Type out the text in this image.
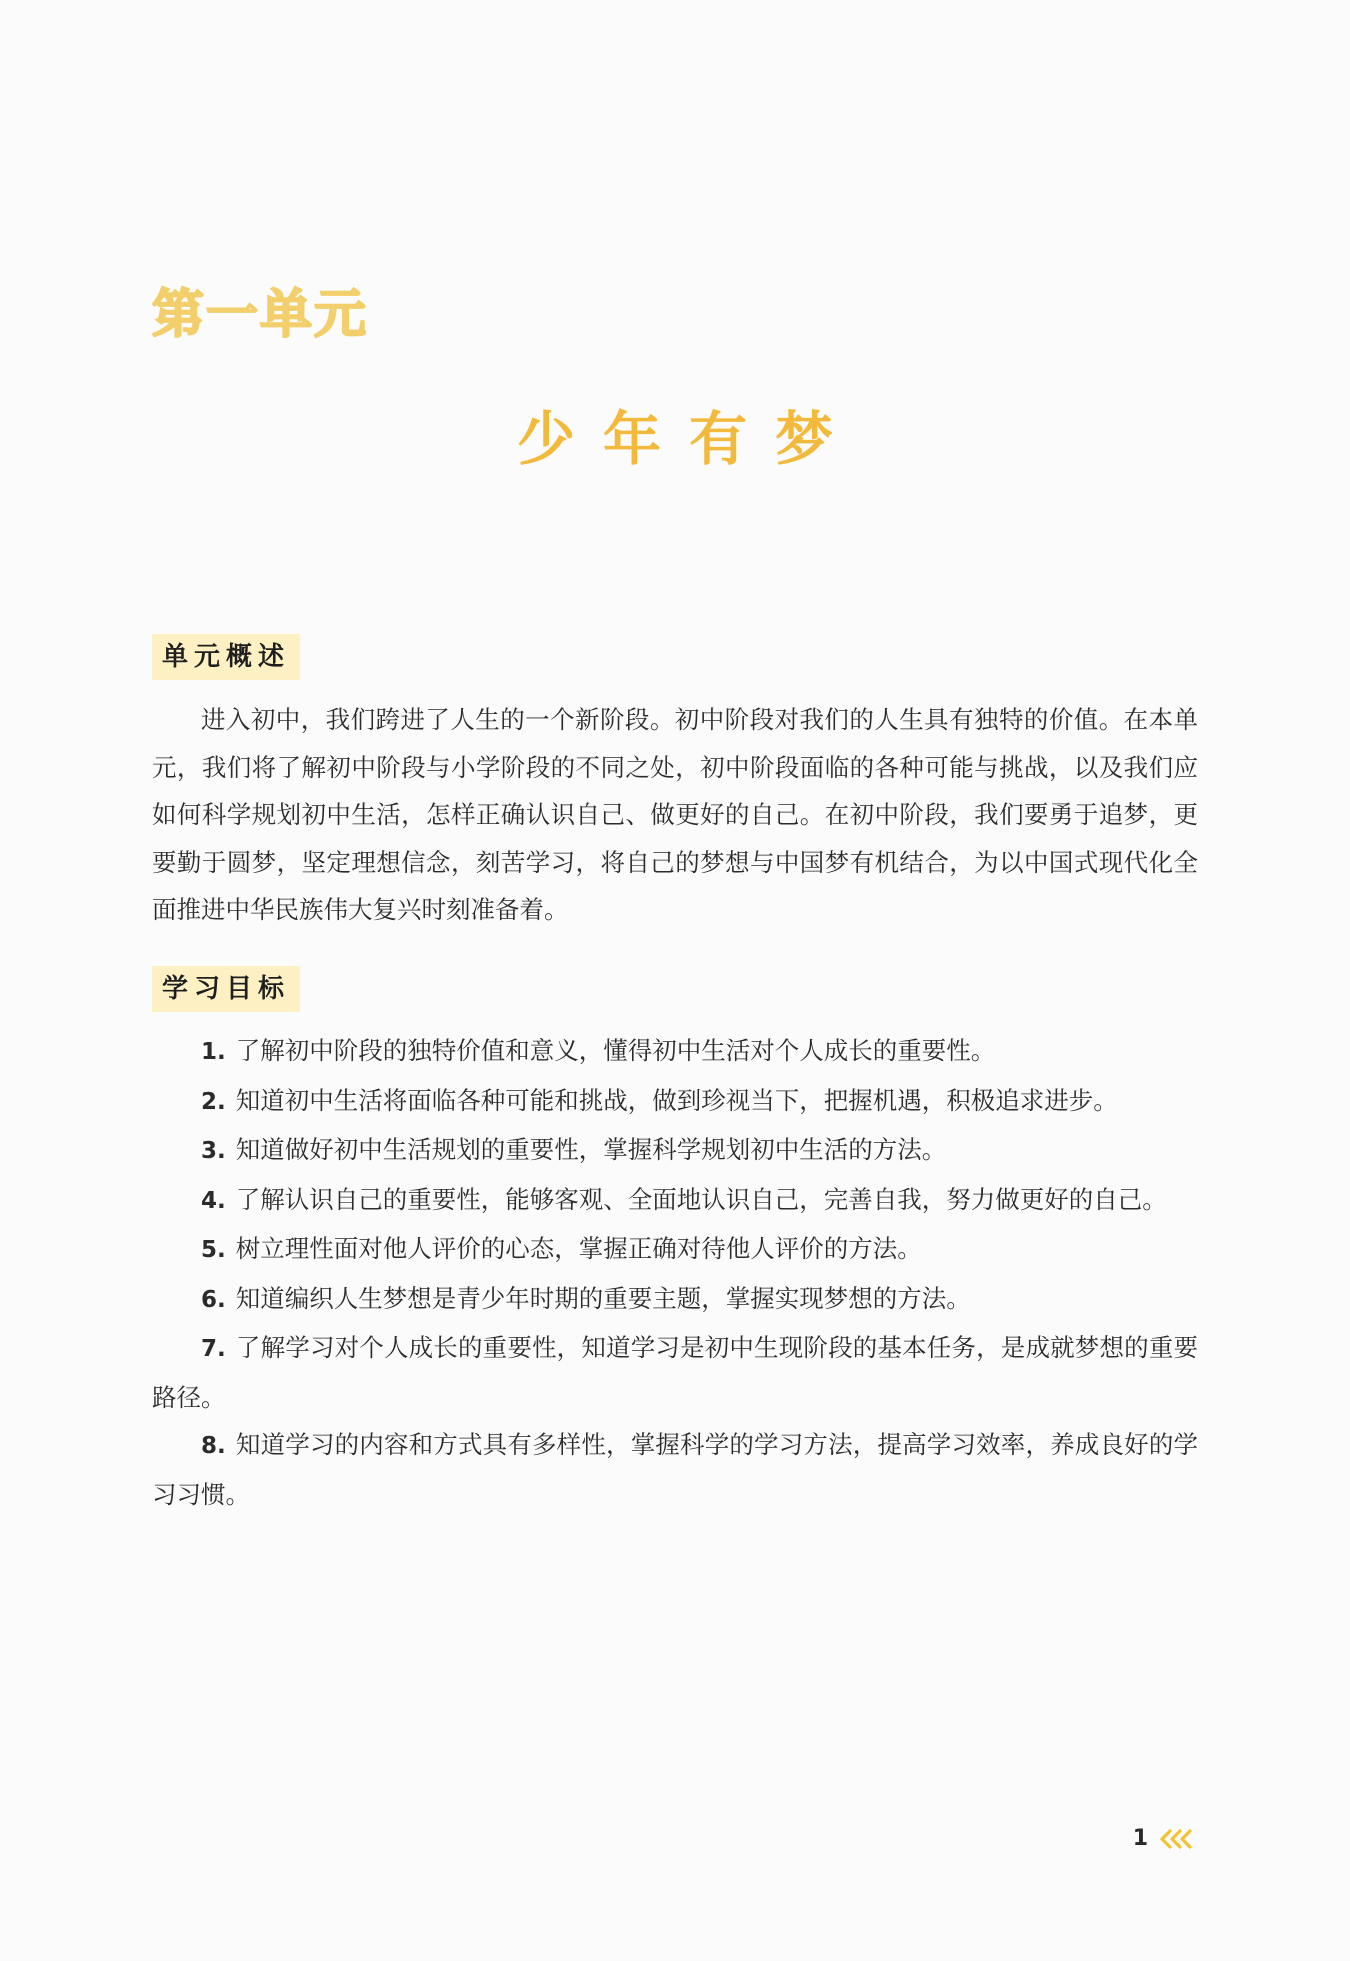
第一单元
少年有梦
单元概述

进入初中，我们跨进了人生的一个新阶段。初中阶段对我们的人生具有独特的价值。在本单元，我们将了解初中阶段与小学阶段的不同之处，初中阶段面临的各种可能与挑战，以及我们应如何科学规划初中生活，怎样正确认识自己、做更好的自己。在初中阶段，我们要勇于追梦，更要勤于圆梦，坚定理想信念，刻苦学习，将自己的梦想与中国梦有机结合，为以中国式现代化全面推进中华民族伟大复兴时刻准备着。

学习目标
1. 了解初中阶段的独特价值和意义，懂得初中生活对个人成长的重要性。
2. 知道初中生活将面临各种可能和挑战，做到珍视当下，把握机遇，积极追求进步。
3. 知道做好初中生活规划的重要性，掌握科学规划初中生活的方法。
4. 了解认识自己的重要性，能够客观、全面地认识自己，完善自我，努力做更好的自己。
5. 树立理性面对他人评价的心态，掌握正确对待他人评价的方法。
6. 知道编织人生梦想是青少年时期的重要主题，掌握实现梦想的方法。
7. 了解学习对个人成长的重要性，知道学习是初中生现阶段的基本任务，是成就梦想的重要路径。
8. 知道学习的内容和方式具有多样性，掌握科学的学习方法，提高学习效率，养成良好的学习习惯。
1
